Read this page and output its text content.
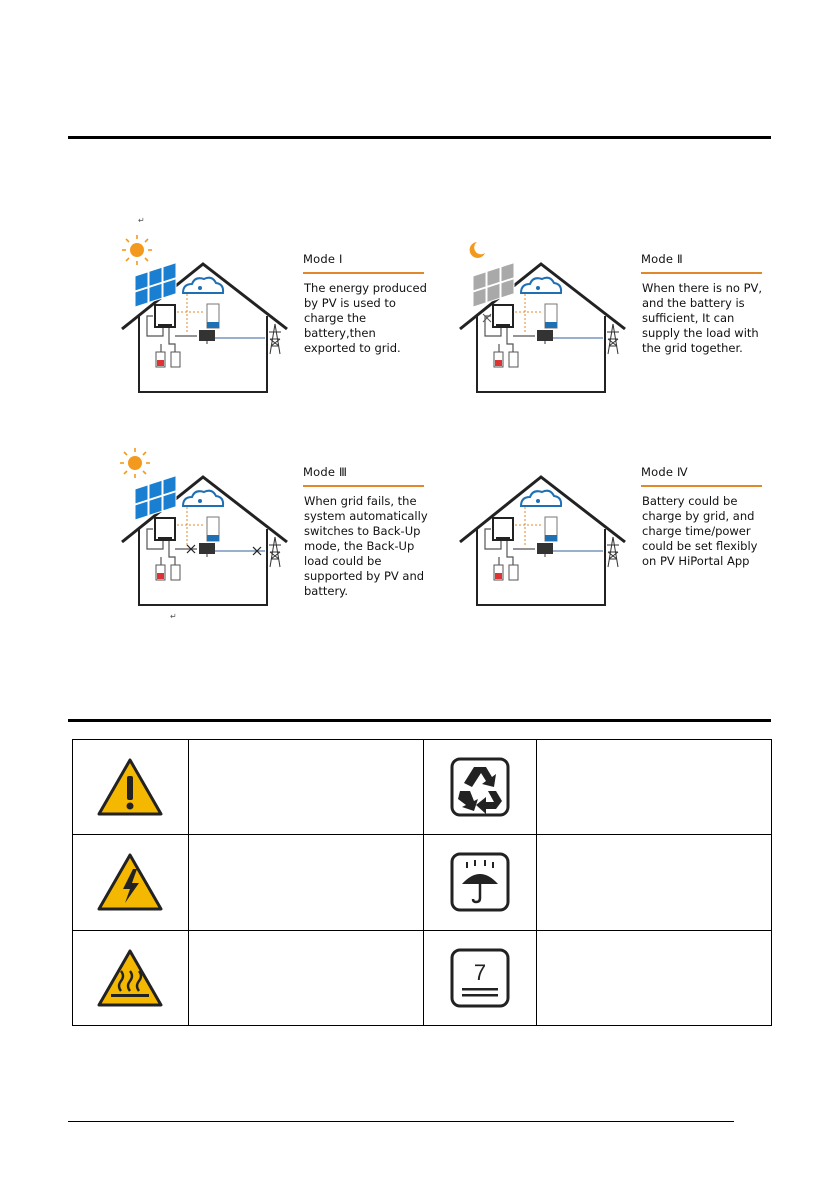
↵
↵
Mode Ⅰ
The energy produced
by PV is used to
charge the
battery,then
exported to grid.
Mode Ⅱ
When there is no PV,
and the battery is
sufficient, It can
supply the load with
the grid together.
Mode Ⅲ
When grid fails, the
system automatically
switches to Back-Up
mode, the Back-Up
load could be
supported by PV and
battery.
Mode Ⅳ
Battery could be
charge by grid, and
charge time/power
could be set flexibly
on PV HiPortal App

7	
